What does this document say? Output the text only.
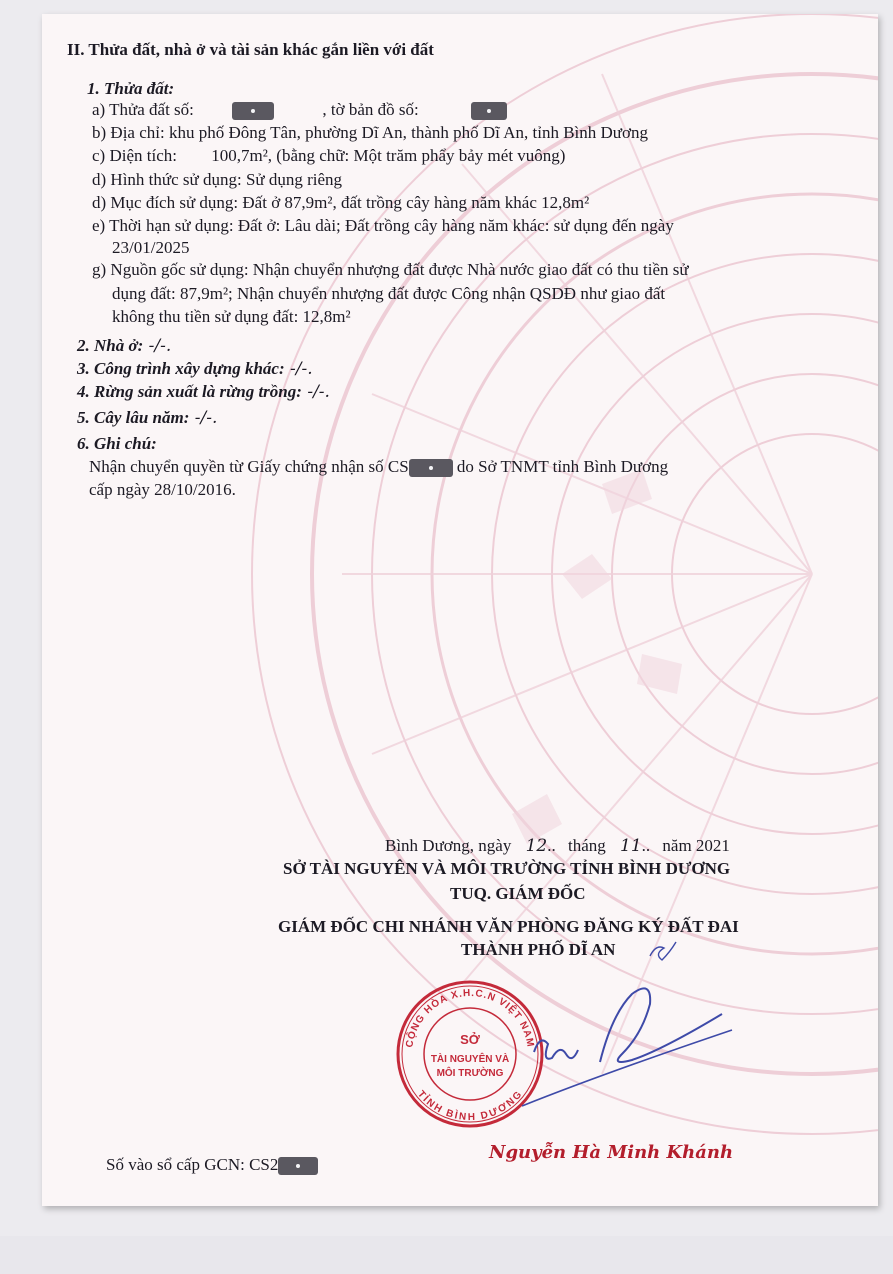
II. Thửa đất, nhà ở và tài sản khác gắn liền với đất
1. Thửa đất:
a) Thửa đất số:	, tờ bản đồ số:
b) Địa chỉ: khu phố Đông Tân, phường Dĩ An, thành phố Dĩ An, tỉnh Bình Dương
c) Diện tích: 100,7m², (bằng chữ: Một trăm phẩy bảy mét vuông)
d) Hình thức sử dụng: Sử dụng riêng
d) Mục đích sử dụng: Đất ở 87,9m², đất trồng cây hàng năm khác 12,8m²
e) Thời hạn sử dụng: Đất ở: Lâu dài; Đất trồng cây hàng năm khác: sử dụng đến ngày
23/01/2025
g) Nguồn gốc sử dụng: Nhận chuyển nhượng đất được Nhà nước giao đất có thu tiền sử
dụng đất: 87,9m²; Nhận chuyển nhượng đất được Công nhận QSDĐ như giao đất
không thu tiền sử dụng đất: 12,8m²
2. Nhà ở: -/-.
3. Công trình xây dựng khác: -/-.
4. Rừng sản xuất là rừng trồng: -/-.
5. Cây lâu năm: -/-.
6. Ghi chú:
Nhận chuyển quyền từ Giấy chứng nhận số CS	do Sở TNMT tỉnh Bình Dương
cấp ngày 28/10/2016.
Bình Dương, ngày 12.. tháng 11.. năm 2021
SỞ TÀI NGUYÊN VÀ MÔI TRƯỜNG TỈNH BÌNH DƯƠNG
TUQ. GIÁM ĐỐC
GIÁM ĐỐC CHI NHÁNH VĂN PHÒNG ĐĂNG KÝ ĐẤT ĐAI
THÀNH PHỐ DĨ AN
CỘNG HÒA X.H.C.N VIỆT NAM
TỈNH BÌNH DƯƠNG
SỞ
TÀI NGUYÊN VÀ
MÔI TRƯỜNG
Nguyễn Hà Minh Khánh
Số vào sổ cấp GCN: CS2
